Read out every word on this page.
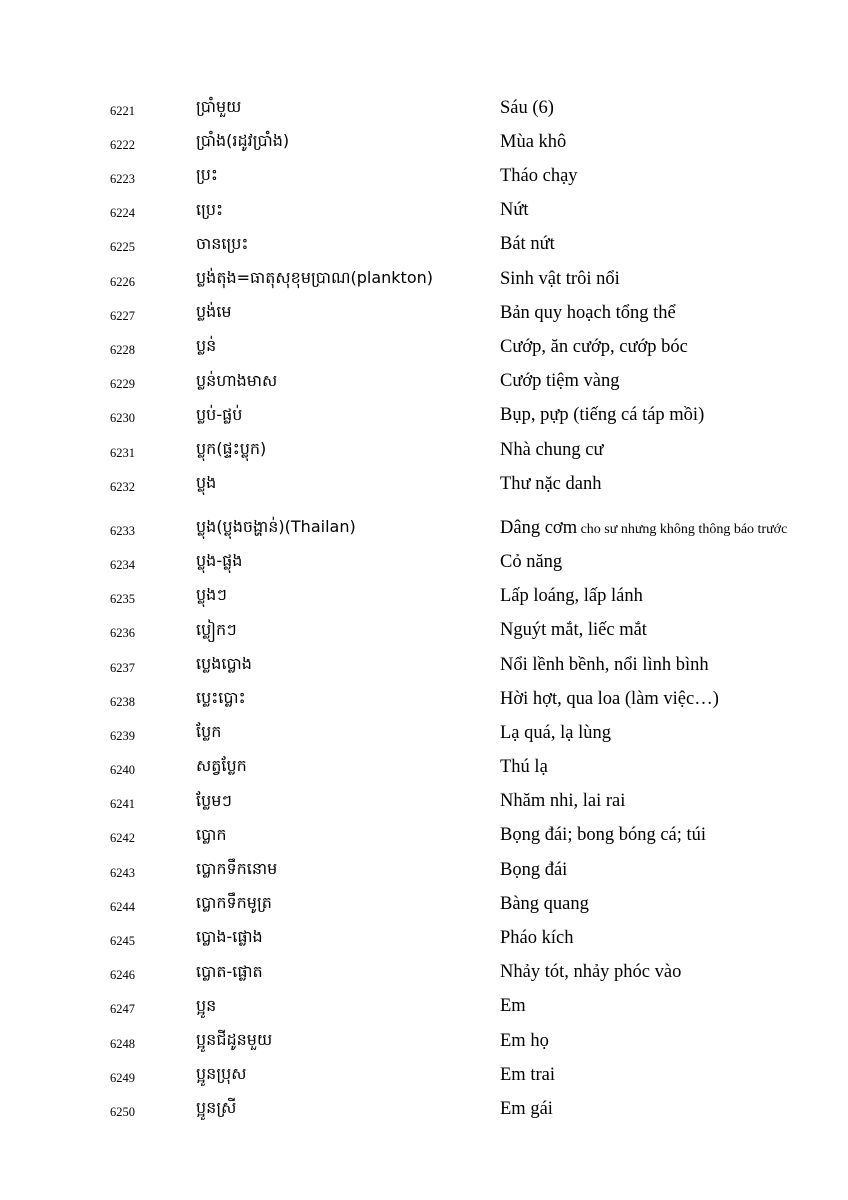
6221	ប្រាំមួយ	Sáu (6)
6222	ប្រាំង(រដូវប្រាំង)	Mùa khô
6223	ប្រះ	Tháo chạy
6224	ប្រេះ	Nứt
6225	ចានប្រេះ	Bát nứt
6226	ប្លង់តុង=ធាតុសុខុមប្រាណ(plankton)	Sinh vật trôi nổi
6227	ប្លង់មេ	Bản quy hoạch tổng thể
6228	ប្លន់	Cướp, ăn cướp, cướp bóc
6229	ប្លន់ហាងមាស	Cướp tiệm vàng
6230	ប្លប់-ផ្លប់	Bụp, pựp (tiếng cá táp mồi)
6231	ប្លុក(ផ្ទះប្លុក)	Nhà chung cư
6232	ប្លុង	Thư nặc danh
6233	ប្លុង(ប្លុងចង្ហាន់)(Thailan)	Dâng cơm cho sư nhưng không thông báo trước
6234	ប្លុង-ផ្លុង	Cỏ năng
6235	ប្លុងៗ	Lấp loáng, lấp lánh
6236	ប្លៀកៗ	Nguýt mắt, liếc mắt
6237	ប្លេងប្លោង	Nổi lềnh bềnh, nổi lình bình
6238	ប្លេះប្លោះ	Hời hợt, qua loa (làm việc…)
6239	ប្លែក	Lạ quá, lạ lùng
6240	សត្វប្លែក	Thú lạ
6241	ប្លែមៗ	Nhăm nhi, lai rai
6242	ប្លោក	Bọng đái; bong bóng cá; túi
6243	ប្លោកទឹកនោម	Bọng đái
6244	ប្លោកទឹកមូត្រ	Bàng quang
6245	ប្លោង-ផ្លោង	Pháo kích
6246	ប្លោត-ផ្លោត	Nhảy tót, nhảy phóc vào
6247	ប្អូន	Em
6248	ប្អូនជីដូនមួយ	Em họ
6249	ប្អូនប្រុស	Em trai
6250	ប្អូនស្រី	Em gái
